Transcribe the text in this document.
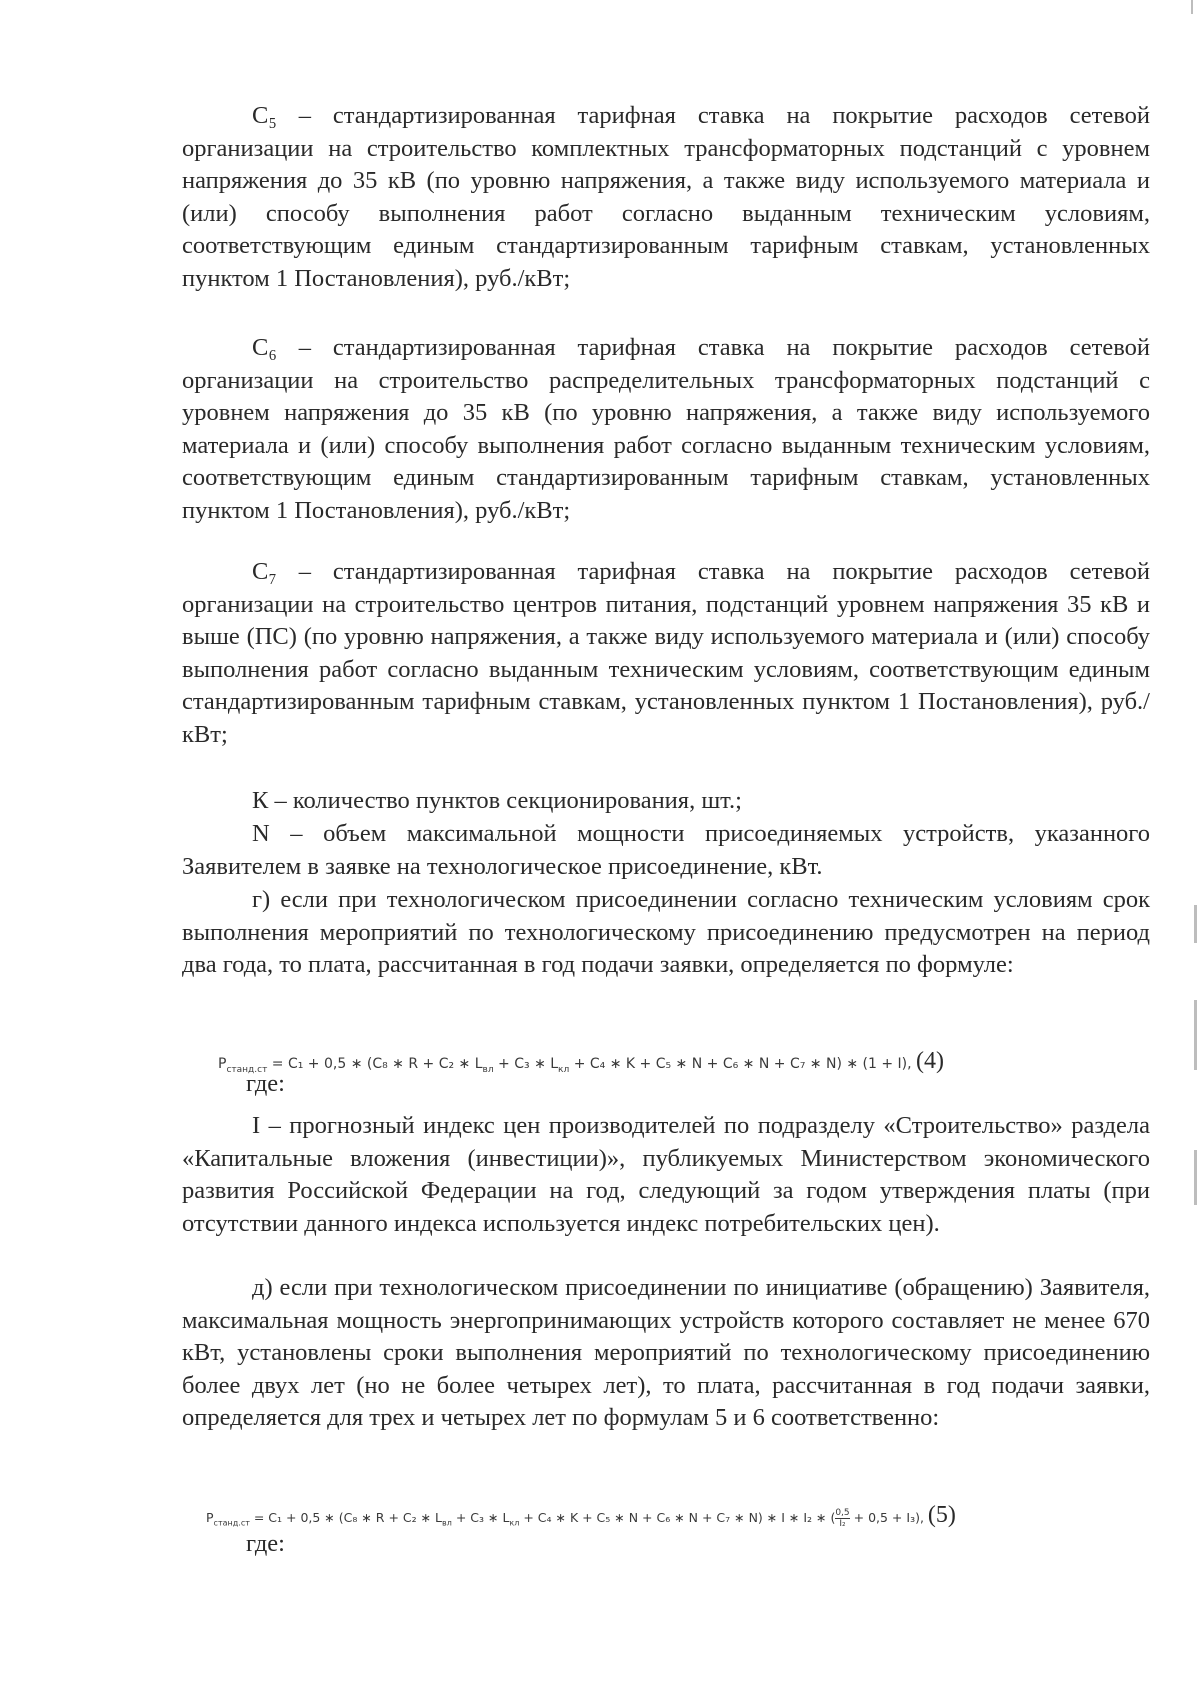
C₅ – стандартизированная тарифная ставка на покрытие расходов сетевой организации на строительство комплектных трансформаторных подстанций с уровнем напряжения до 35 кВ (по уровню напряжения, а также виду используемого материала и (или) способу выполнения работ согласно выданным техническим условиям, соответствующим единым стандартизированным тарифным ставкам, установленных пунктом 1 Постановления), руб./кВт;

C₆ – стандартизированная тарифная ставка на покрытие расходов сетевой организации на строительство распределительных трансформаторных подстанций с уровнем напряжения до 35 кВ (по уровню напряжения, а также виду используемого материала и (или) способу выполнения работ согласно выданным техническим условиям, соответствующим единым стандартизированным тарифным ставкам, установленных пунктом 1 Постановления), руб./кВт;

C₇ – стандартизированная тарифная ставка на покрытие расходов сетевой организации на строительство центров питания, подстанций уровнем напряжения 35 кВ и выше (ПС) (по уровню напряжения, а также виду используемого материала и (или) способу выполнения работ согласно выданным техническим условиям, соответствующим единым стандартизированным тарифным ставкам, установленных пунктом 1 Постановления), руб./кВт;

К – количество пунктов секционирования, шт.;

N – объем максимальной мощности присоединяемых устройств, указанного Заявителем в заявке на технологическое присоединение, кВт.

г) если при технологическом присоединении согласно техническим условиям срок выполнения мероприятий по технологическому присоединению предусмотрен на период два года, то плата, рассчитанная в год подачи заявки, определяется по формуле:

$P_{станд.ст} = C_1 + 0,5$ ∗ (C₈ ∗ R + C₂ ∗ $L_{вл} + C_3$ ∗ $L_{кл} + C_4$ ∗ K + C₅ ∗ N + C₆ ∗ N + C₇ ∗ N) ∗ (1 + I), (4)
где:

I – прогнозный индекс цен производителей по подразделу «Строительство» раздела «Капитальные вложения (инвестиции)», публикуемых Министерством экономического развития Российской Федерации на год, следующий за годом утверждения платы (при отсутствии данного индекса используется индекс потребительских цен).

д) если при технологическом присоединении по инициативе (обращению) Заявителя, максимальная мощность энергопринимающих устройств которого составляет не менее 670 кВт, установлены сроки выполнения мероприятий по технологическому присоединению более двух лет (но не более четырех лет), то плата, рассчитанная в год подачи заявки, определяется для трех и четырех лет по формулам 5 и 6 соответственно:

$P_{станд.ст} = C_1 + 0,5$ ∗ (C₈ ∗ R + C₂ ∗ $L_{вл} + C_3$ ∗ $L_{кл} + C_4$ ∗ K + C₅ ∗ N + C₆ ∗ N + C₇ ∗ N) ∗ I ∗ I₂ ∗ ( $\frac{0,5}{\text{I₂}} + 0,5 + I_3$), (5)
где:
